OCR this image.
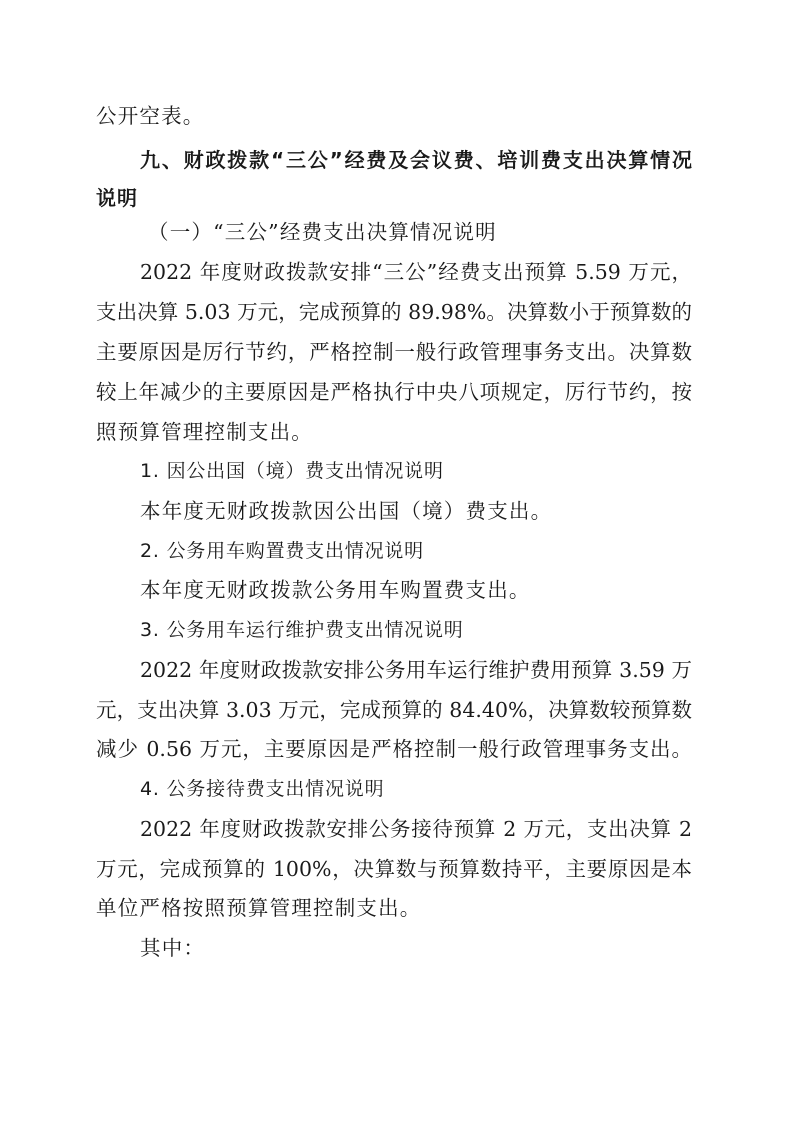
公开空表。
九、财政拨款“三公”经费及会议费、培训费支出决算情况
说明
（一）“三公”经费支出决算情况说明
2022 年度财政拨款安排“三公”经费支出预算 5.59 万元，
支出决算 5.03 万元，完成预算的 89.98%。决算数小于预算数的
主要原因是厉行节约，严格控制一般行政管理事务支出。决算数
较上年减少的主要原因是严格执行中央八项规定，厉行节约，按
照预算管理控制支出。
1. 因公出国（境）费支出情况说明
本年度无财政拨款因公出国（境）费支出。
2. 公务用车购置费支出情况说明
本年度无财政拨款公务用车购置费支出。
3. 公务用车运行维护费支出情况说明
2022 年度财政拨款安排公务用车运行维护费用预算 3.59 万
元，支出决算 3.03 万元，完成预算的 84.40%，决算数较预算数
减少 0.56 万元，主要原因是严格控制一般行政管理事务支出。
4. 公务接待费支出情况说明
2022 年度财政拨款安排公务接待预算 2 万元，支出决算 2
万元，完成预算的 100%，决算数与预算数持平，主要原因是本
单位严格按照预算管理控制支出。
其中：
